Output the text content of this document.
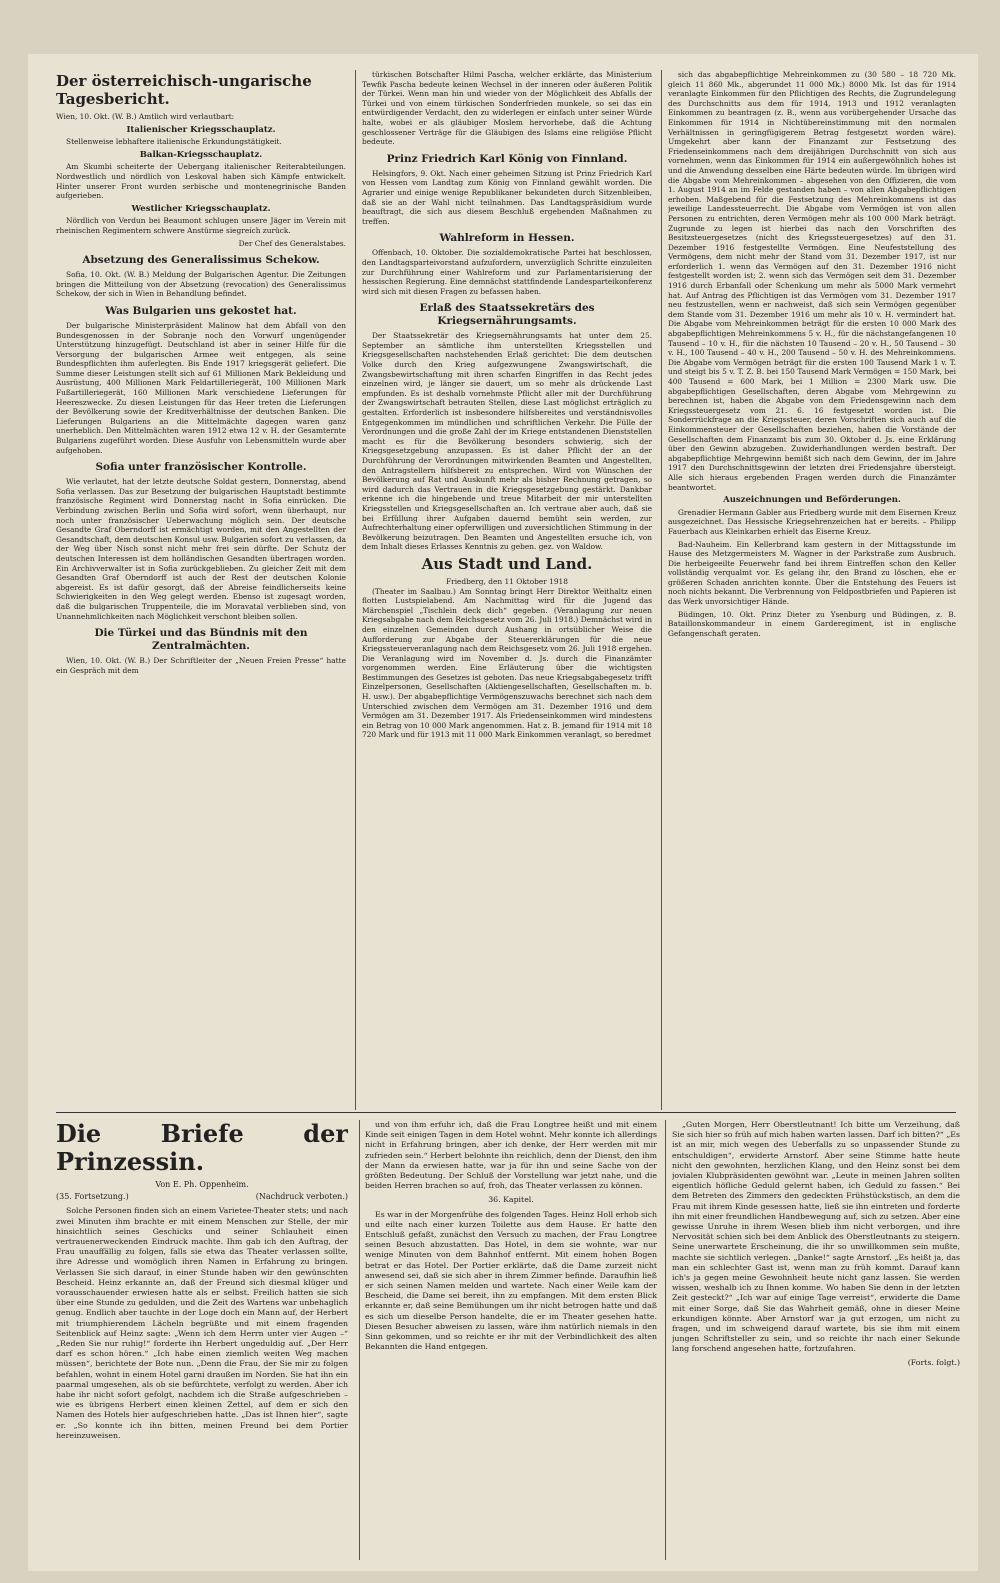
Der österreichisch-ungarische Tagesbericht.
Wien, 10. Okt. (W. B.) Amtlich wird verlautbart:
Italienischer Kriegsschauplatz.

Stellenweise lebhaftere italienische Erkundungstätigkeit.

Balkan-Kriegsschauplatz.

Am Skumbi scheiterte der Uebergang italienischer Reiterabteilungen. Nordwestlich und nördlich von Leskoval haben sich Kämpfe entwickelt. Hinter unserer Front wurden serbische und montenegrinische Banden aufgerieben.

Westlicher Kriegsschauplatz.

Nördlich von Verdun bei Beaumont schlugen unsere Jäger im Verein mit rheinischen Regimentern schwere Anstürme siegreich zurück.

Der Chef des Generalstabes.
Absetzung des Generalissimus Schekow.

Sofia, 10. Okt. (W. B.) Meldung der Bulgarischen Agentur. Die Zeitungen bringen die Mitteilung von der Absetzung (revocation) des Generalissimus Schekow, der sich in Wien in Behandlung befindet.

Was Bulgarien uns gekostet hat.

Der bulgarische Ministerpräsident Malinow hat dem Abfall von den Bundesgenossen in der Sobranje noch den Vorwurf ungenügender Unterstützung hinzugefügt. Deutschland ist aber in seiner Hilfe für die Versorgung der bulgarischen Armee weit entgegen, als seine Bundespflichten ihm auferlegten. Bis Ende 1917 kriegsgerät geliefert. Die Summe dieser Leistungen stellt sich auf 61 Millionen Mark Bekleidung und Ausrüstung, 400 Millionen Mark Feldartilleriegerät, 100 Millionen Mark Fußartilleriegerät, 160 Millionen Mark verschiedene Lieferungen für Heereszwecke. Zu diesen Leistungen für das Heer treten die Lieferungen der Bevölkerung sowie der Kreditverhältnisse der deutschen Banken. Die Lieferungen Bulgariens an die Mittelmächte dagegen waren ganz unerheblich. Den Mittelmächten waren 1912 etwa 12 v. H. der Gesamternte Bulgariens zugeführt worden. Diese Ausfuhr von Lebensmitteln wurde aber aufgehoben.

Sofia unter französischer Kontrolle.

Wie verlautet, hat der letzte deutsche Soldat gestern, Donnerstag, abend Sofia verlassen. Das zur Besetzung der bulgarischen Hauptstadt bestimmte französische Regiment wird Donnerstag nacht in Sofia einrücken. Die Verbindung zwischen Berlin und Sofia wird sofort, wenn überhaupt, nur noch unter französischer Ueberwachung möglich sein. Der deutsche Gesandte Graf Oberndorff ist ermächtigt worden, mit den Angestellten der Gesandtschaft, dem deutschen Konsul usw. Bulgarien sofort zu verlassen, da der Weg über Nisch sonst nicht mehr frei sein dürfte. Der Schutz der deutschen Interessen ist dem holländischen Gesandten übertragen worden. Ein Archivverwalter ist in Sofia zurückgeblieben. Zu gleicher Zeit mit dem Gesandten Graf Oberndorff ist auch der Rest der deutschen Kolonie abgereist. Es ist dafür gesorgt, daß der Abreise feindlicherseits keine Schwierigkeiten in den Weg gelegt werden. Ebenso ist zugesagt worden, daß die bulgarischen Truppenteile, die im Moravatal verblieben sind, von Unannehmlichkeiten nach Möglichkeit verschont bleiben sollen.

Die Türkei und das Bündnis mit den Zentralmächten.

Wien, 10. Okt. (W. B.) Der Schriftleiter der „Neuen Freien Presse“ hatte ein Gespräch mit dem

türkischen Botschafter Hilmi Pascha, welcher erklärte, das Ministerium Tewfik Pascha bedeute keinen Wechsel in der inneren oder äußeren Politik der Türkei. Wenn man hin und wieder von der Möglichkeit des Abfalls der Türkei und von einem türkischen Sonderfrieden munkele, so sei das ein entwürdigender Verdacht, den zu widerlegen er einfach unter seiner Würde halte, wobei er als gläubiger Moslem hervorhebe, daß die Achtung geschlossener Verträge für die Gläubigen des Islams eine religiöse Pflicht bedeute.

Prinz Friedrich Karl König von Finnland.

Helsingfors, 9. Okt. Nach einer geheimen Sitzung ist Prinz Friedrich Karl von Hessen vom Landtag zum König von Finnland gewählt worden. Die Agrarier und einige wenige Republikaner bekundeten durch Sitzenbleiben, daß sie an der Wahl nicht teilnahmen. Das Landtagspräsidium wurde beauftragt, die sich aus diesem Beschluß ergebenden Maßnahmen zu treffen.

Wahlreform in Hessen.

Offenbach, 10. Oktober. Die sozialdemokratische Partei hat beschlossen, den Landtagsparteivorstand aufzufordern, unverzüglich Schritte einzuleiten zur Durchführung einer Wahlreform und zur Parlamentarisierung der hessischen Regierung. Eine demnächst stattfindende Landesparteikonferenz wird sich mit diesen Fragen zu befassen haben.

Erlaß des Staatssekretärs des Kriegsernährungsamts.

Der Staatssekretär des Kriegsernährungsamts hat unter dem 25. September an sämtliche ihm unterstellten Kriegsstellen und Kriegsgesellschaften nachstehenden Erlaß gerichtet: Die dem deutschen Volke durch den Krieg aufgezwungene Zwangswirtschaft, die Zwangsbewirtschaftung mit ihren scharfen Eingriffen in das Recht jedes einzelnen wird, je länger sie dauert, um so mehr als drückende Last empfunden. Es ist deshalb vornehmste Pflicht aller mit der Durchführung der Zwangswirtschaft betrauten Stellen, diese Last möglichst erträglich zu gestalten. Erforderlich ist insbesondere hilfsbereites und verständnisvolles Entgegenkommen im mündlichen und schriftlichen Verkehr. Die Fülle der Verordnungen und die große Zahl der im Kriege entstandenen Dienststellen macht es für die Bevölkerung besonders schwierig, sich der Kriegsgesetzgebung anzupassen. Es ist daher Pflicht der an der Durchführung der Verordnungen mitwirkenden Beamten und Angestellten, den Antragstellern hilfsbereit zu entsprechen. Wird von Wünschen der Bevölkerung auf Rat und Auskunft mehr als bisher Rechnung getragen, so wird dadurch das Vertrauen in die Kriegsgesetzgebung gestärkt. Dankbar erkenne ich die hingebende und treue Mitarbeit der mir unterstellten Kriegsstellen und Kriegsgesellschaften an. Ich vertraue aber auch, daß sie bei Erfüllung ihrer Aufgaben dauernd bemüht sein werden, zur Aufrechterhaltung einer opferwilligen und zuversichtlichen Stimmung in der Bevölkerung beizutragen. Den Beamten und Angestellten ersuche ich, von dem Inhalt dieses Erlasses Kenntnis zu geben. gez. von Waldow.

Aus Stadt und Land.
Friedberg, den 11 Oktober 1918

(Theater im Saalbau.) Am Sonntag bringt Herr Direktor Weithaltz einen flotten Lustspielabend. Am Nachmittag wird für die Jugend das Märchenspiel „Tischlein deck dich“ gegeben. (Veranlagung zur neuen Kriegsabgabe nach dem Reichsgesetz vom 26. Juli 1918.) Demnächst wird in den einzelnen Gemeinden durch Aushang in ortsüblicher Weise die Aufforderung zur Abgabe der Steuererklärungen für die neue Kriegssteuerveranlagung nach dem Reichsgesetz vom 26. Juli 1918 ergehen. Die Veranlagung wird im November d. Js. durch die Finanzämter vorgenommen werden. Eine Erläuterung über die wichtigsten Bestimmungen des Gesetzes ist geboten. Das neue Kriegsabgabegesetz trifft Einzelpersonen, Gesellschaften (Aktiengesellschaften, Gesellschaften m. b. H. usw.). Der abgabepflichtige Vermögenszuwachs berechnet sich nach dem Unterschied zwischen dem Vermögen am 31. Dezember 1916 und dem Vermögen am 31. Dezember 1917. Als Friedenseinkommen wird mindestens ein Betrag von 10 000 Mark angenommen. Hat z. B. jemand für 1914 mit 18 720 Mark und für 1913 mit 11 000 Mark Einkommen veranlagt, so beredmet

sich das abgabepflichtige Mehreinkommen zu (30 580 – 18 720 Mk. gleich 11 860 Mk., abgerundet 11 000 Mk.) 8000 Mk. Ist das für 1914 veranlagte Einkommen für den Pflichtigen des Rechts, die Zugrundelegung des Durchschnitts aus dem für 1914, 1913 und 1912 veranlagten Einkommen zu beantragen (z. B., wenn aus vorübergehender Ursache das Einkommen für 1914 in Nichtübereinstimmung mit den normalen Verhältnissen in geringfügigerem Betrag festgesetzt worden wäre). Umgekehrt aber kann der Finanzamt zur Festsetzung des Friedenseinkommens nach dem dreijährigen Durchschnitt von sich aus vornehmen, wenn das Einkommen für 1914 ein außergewöhnlich hohes ist und die Anwendung desselben eine Härte bedeuten würde. Im übrigen wird die Abgabe vom Mehreinkommen – abgesehen von den Offizieren, die vom 1. August 1914 an im Felde gestanden haben – von allen Abgabepflichtigen erhoben. Maßgebend für die Festsetzung des Mehreinkommens ist das jeweilige Landessteuerrecht. Die Abgabe vom Vermögen ist von allen Personen zu entrichten, deren Vermögen mehr als 100 000 Mark beträgt. Zugrunde zu legen ist hierbei das nach den Vorschriften des Besitzsteuergesetzes (nicht des Kriegssteuergesetzes) auf den 31. Dezember 1916 festgestellte Vermögen. Eine Neufeststellung des Vermögens, dem nicht mehr der Stand vom 31. Dezember 1917, ist nur erforderlich 1. wenn das Vermögen auf den 31. Dezember 1916 nicht festgestellt worden ist; 2. wenn sich das Vermögen seit dem 31. Dezember 1916 durch Erbanfall oder Schenkung um mehr als 5000 Mark vermehrt hat. Auf Antrag des Pflichtigen ist das Vermögen vom 31. Dezember 1917 neu festzustellen, wenn er nachweist, daß sich sein Vermögen gegenüber dem Stande vom 31. Dezember 1916 um mehr als 10 v. H. vermindert hat. Die Abgabe vom Mehreinkommen beträgt für die ersten 10 000 Mark des abgabepflichtigen Mehreinkommens 5 v. H., für die nächstangefangenen 10 Tausend – 10 v. H., für die nächsten 10 Tausend – 20 v. H., 50 Tausend – 30 v. H., 100 Tausend – 40 v. H., 200 Tausend – 50 v. H. des Mehreinkommens. Die Abgabe vom Vermögen beträgt für die ersten 100 Tausend Mark 1 v. T. und steigt bis 5 v. T. Z. B. bei 150 Tausend Mark Vermögen = 150 Mark, bei 400 Tausend = 600 Mark, bei 1 Million = 2300 Mark usw. Die abgabepflichtigen Gesellschaften, deren Abgabe vom Mehrgewinn zu berechnen ist, haben die Abgabe von dem Friedensgewinn nach dem Kriegssteuergesetz vom 21. 6. 16 festgesetzt worden ist. Die Sonderrückfrage an die Kriegssteuer, deren Vorschriften sich auch auf die Einkommensteuer der Gesellschaften beziehen, haben die Vorstände der Gesellschaften dem Finanzamt bis zum 30. Oktober d. Js. eine Erklärung über den Gewinn abzugeben. Zuwiderhandlungen werden bestraft. Der abgabepflichtige Mehrgewinn bemißt sich nach dem Gewinn, der im Jahre 1917 den Durchschnittsgewinn der letzten drei Friedensjahre übersteigt. Alle sich hieraus ergebenden Fragen werden durch die Finanzämter beantwortet.

Auszeichnungen und Beförderungen.

Grenadier Hermann Gabler aus Friedberg wurde mit dem Eisernen Kreuz ausgezeichnet. Das Hessische Kriegsehrenzeichen hat er bereits. – Philipp Fauerbach aus Kleinkarben erhielt das Eiserne Kreuz.

Bad-Nauheim. Ein Kellerbrand kam gestern in der Mittagsstunde im Hause des Metzgermeisters M. Wagner in der Parkstraße zum Ausbruch. Die herbeigeeilte Feuerwehr fand bei ihrem Eintreffen schon den Keller vollständig verqualmt vor. Es gelang ihr, den Brand zu löschen, ehe er größeren Schaden anrichten konnte. Über die Entstehung des Feuers ist noch nichts bekannt. Die Verbrennung von Feldpostbriefen und Papieren ist das Werk unvorsichtiger Hände.

Büdingen, 10. Okt. Prinz Dieter zu Ysenburg und Büdingen, z. B. Bataillonskommandeur in einem Garderegiment, ist in englische Gefangenschaft geraten.

Die Briefe der Prinzessin.
Von E. Ph. Oppenheim.
(35. Fortsetzung.)	(Nachdruck verboten.)

Solche Personen finden sich an einem Varietee-Theater stets; und nach zwei Minuten ihm brachte er mit einem Menschen zur Stelle, der mir hinsichtlich seines Geschicks und seiner Schlauheit einen vertrauenerweckenden Eindruck machte. Ihm gab ich den Auftrag, der Frau unauffällig zu folgen, falls sie etwa das Theater verlassen sollte, ihre Adresse und womöglich ihren Namen in Erfahrung zu bringen. Verlassen Sie sich darauf, in einer Stunde haben wir den gewünschten Bescheid. Heinz erkannte an, daß der Freund sich diesmal klüger und vorausschauender erwiesen hatte als er selbst. Freilich hatten sie sich über eine Stunde zu gedulden, und die Zeit des Wartens war unbehaglich genug. Endlich aber tauchte in der Loge doch ein Mann auf, der Herbert mit triumphierendem Lächeln begrüßte und mit einem fragenden Seitenblick auf Heinz sagte: „Wenn ich dem Herrn unter vier Augen –“ „Reden Sie nur ruhig!“ forderte ihn Herbert ungeduldig auf. „Der Herr darf es schon hören.“ „Ich habe einen ziemlich weiten Weg machen müssen“, berichtete der Bote nun. „Denn die Frau, der Sie mir zu folgen befahlen, wohnt in einem Hotel garni draußen im Norden. Sie hat ihn ein paarmal umgesehen, als ob sie befürchtete, verfolgt zu werden. Aber ich habe ihr nicht sofort gefolgt, nachdem ich die Straße aufgeschrieben – wie es übrigens Herbert einen kleinen Zettel, auf dem er sich den Namen des Hotels hier aufgeschrieben hatte. „Das ist Ihnen hier“, sagte er. „So konnte ich ihn bitten, meinen Freund bei dem Portier hereinzuweisen.

und von ihm erfuhr ich, daß die Frau Longtree heißt und mit einem Kinde seit einigen Tagen in dem Hotel wohnt. Mehr konnte ich allerdings nicht in Erfahrung bringen, aber ich denke, der Herr werden mit mir zufrieden sein.“ Herbert belohnte ihn reichlich, denn der Dienst, den ihm der Mann da erwiesen hatte, war ja für ihn und seine Sache von der größten Bedeutung. Der Schluß der Vorstellung war jetzt nahe, und die beiden Herren brachen so auf, froh, das Theater verlassen zu können.

36. Kapitel.

Es war in der Morgenfrühe des folgenden Tages. Heinz Holl erhob sich und eilte nach einer kurzen Toilette aus dem Hause. Er hatte den Entschluß gefaßt, zunächst den Versuch zu machen, der Frau Longtree seinen Besuch abzustatten. Das Hotel, in dem sie wohnte, war nur wenige Minuten von dem Bahnhof entfernt. Mit einem hohen Bogen betrat er das Hotel. Der Portier erklärte, daß die Dame zurzeit nicht anwesend sei, daß sie sich aber in ihrem Zimmer befinde. Daraufhin ließ er sich seinen Namen melden und wartete. Nach einer Weile kam der Bescheid, die Dame sei bereit, ihn zu empfangen. Mit dem ersten Blick erkannte er, daß seine Bemühungen um ihr nicht betrogen hatte und daß es sich um dieselbe Person handelte, die er im Theater gesehen hatte. Diesen Besucher abweisen zu lassen, wäre ihm natürlich niemals in den Sinn gekommen, und so reichte er ihr mit der Verbindlichkeit des alten Bekannten die Hand entgegen.

„Guten Morgen, Herr Oberstleutnant! Ich bitte um Verzeihung, daß Sie sich hier so früh auf mich haben warten lassen. Darf ich bitten?“ „Es ist an mir, mich wegen des Ueberfalls zu so unpassender Stunde zu entschuldigen“, erwiderte Arnstorf. Aber seine Stimme hatte heute nicht den gewohnten, herzlichen Klang, und den Heinz sonst bei dem jovialen Klubpräsidenten gewöhnt war. „Leute in meinen Jahren sollten eigentlich höfliche Geduld gelernt haben, ich Geduld zu fassen.“ Bei dem Betreten des Zimmers den gedeckten Frühstückstisch, an dem die Frau mit ihrem Kinde gesessen hatte, ließ sie ihn eintreten und forderte ihn mit einer freundlichen Handbewegung auf, sich zu setzen. Aber eine gewisse Unruhe in ihrem Wesen blieb ihm nicht verborgen, und ihre Nervosität schien sich bei dem Anblick des Oberstleutnants zu steigern. Seine unerwartete Erscheinung, die ihr so unwillkommen sein mußte, machte sie sichtlich verlegen. „Danke!“ sagte Arnstorf. „Es heißt ja, das man ein schlechter Gast ist, wenn man zu früh kommt. Darauf kann ich's ja gegen meine Gewohnheit heute nicht ganz lassen. Sie werden wissen, weshalb ich zu Ihnen komme. Wo haben Sie denn in der letzten Zeit gesteckt?“ „Ich war auf einige Tage verreist“, erwiderte die Dame mit einer Sorge, daß Sie das Wahrheit gemäß, ohne in dieser Meine erkundigen könnte. Aber Arnstorf war ja gut erzogen, um nicht zu fragen, und im schweigend darauf wartete, bis sie ihm mit einem jungen Schriftsteller zu sein, und so reichte ihr nach einer Sekunde lang forschend angesehen hatte, fortzufahren.

(Forts. folgt.)
